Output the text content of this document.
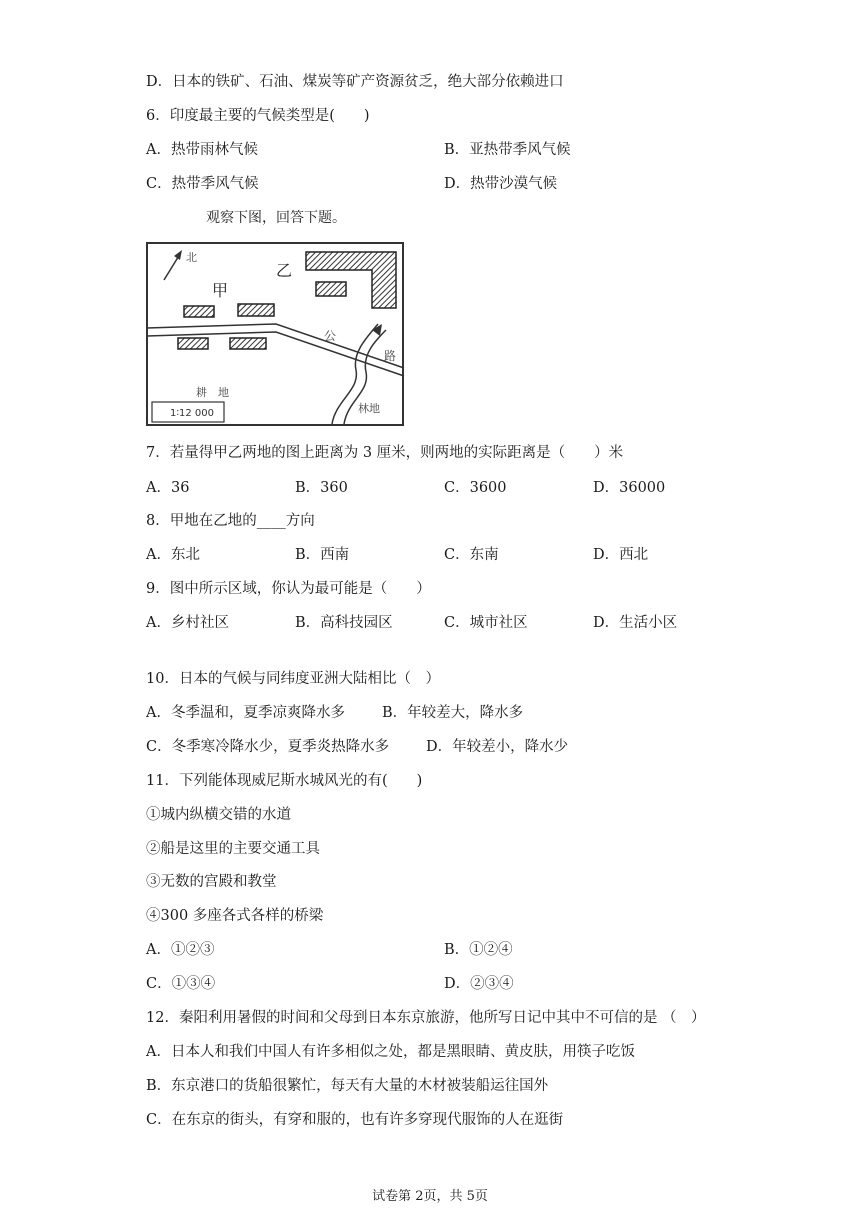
D．日本的铁矿、石油、煤炭等矿产资源贫乏，绝大部分依赖进口
6．印度最主要的气候类型是(　　)
A．热带雨林气候	B．亚热带季风气候
C．热带季风气候	D．热带沙漠气候
观察下图，回答下题。
北
甲
乙
公
路
耕　地
林地
1∶12 000
7．若量得甲乙两地的图上距离为 3 厘米，则两地的实际距离是（　　）米
A．36	B．360	C．3600	D．36000
8．甲地在乙地的____方向
A．东北	B．西南	C．东南	D．西北
9．图中所示区域，你认为最可能是（　　）
A．乡村社区	B．高科技园区	C．城市社区	D．生活小区
10．日本的气候与同纬度亚洲大陆相比（　）
A．冬季温和，夏季凉爽降水多	B．年较差大，降水多
C．冬季寒冷降水少，夏季炎热降水多	D．年较差小，降水少
11．下列能体现威尼斯水城风光的有(　　)
①城内纵横交错的水道
②船是这里的主要交通工具
③无数的宫殿和教堂
④300 多座各式各样的桥梁
A．①②③	B．①②④
C．①③④	D．②③④
12．秦阳利用暑假的时间和父母到日本东京旅游，他所写日记中其中不可信的是 （　）
A．日本人和我们中国人有许多相似之处，都是黑眼睛、黄皮肤，用筷子吃饭
B．东京港口的货船很繁忙，每天有大量的木材被装船运往国外
C．在东京的街头，有穿和服的，也有许多穿现代服饰的人在逛街
试卷第 2页，共 5页
